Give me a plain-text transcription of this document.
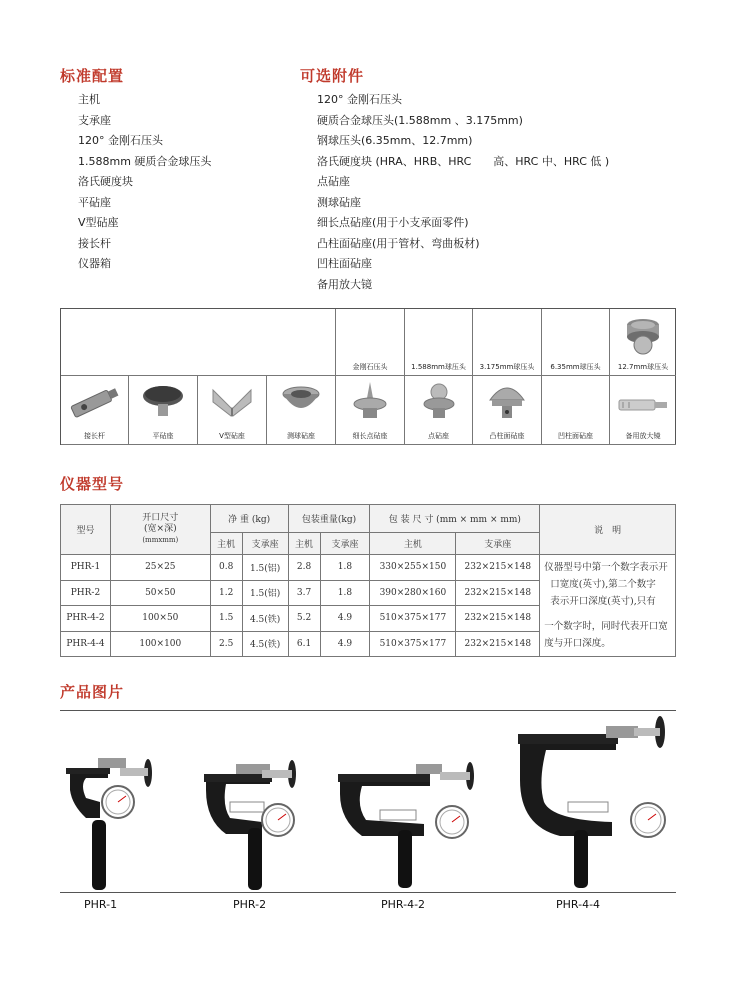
标准配置
主机
支承座
120° 金刚石压头
1.588mm 硬质合金球压头
洛氏硬度块
平砧座
V型砧座
接长杆
仪器箱
可选附件
120° 金刚石压头
硬质合金球压头(1.588mm 、3.175mm)
钢球压头(6.35mm、12.7mm)
洛氏硬度块 (HRA、HRB、HRC　　高、HRC 中、HRC 低 )
点砧座
测球砧座
细长点砧座(用于小支承面零件)
凸柱面砧座(用于管材、弯曲板材)
凹柱面砧座
备用放大镜
金刚石压头	1.588mm球压头	3.175mm球压头	6.35mm球压头	12.7mm球压头
接长杆	平砧座	V型砧座	测球砧座	细长点砧座	点砧座	凸柱面砧座	凹柱面砧座	备用放大镜
仪器型号
型号	开口尺寸
(宽×深)
(mmxmm)	净 重 (kg)		包装重量(kg)		包 装 尺 寸 (mm × mm × mm)		说　明
		主机	支承座	主机	支承座	主机	支承座	
PHR-1	25×25	0.8	1.5(铝)	2.8	1.8	330×255×150	232×215×148	仪器型号中第一个数字表示开
口宽度(英寸),第二个数字
表示开口深度(英寸),只有
一个数字时，同时代表开口宽
度与开口深度。

PHR-2	50×50	1.2	1.5(铝)	3.7	1.8	390×280×160	232×215×148	
PHR-4-2	100×50	1.5	4.5(铁)	5.2	4.9	510×375×177	232×215×148	
PHR-4-4	100×100	2.5	4.5(铁)	6.1	4.9	510×375×177	232×215×148	
产品图片
PHR-1	PHR-2	PHR-4-2	PHR-4-4
